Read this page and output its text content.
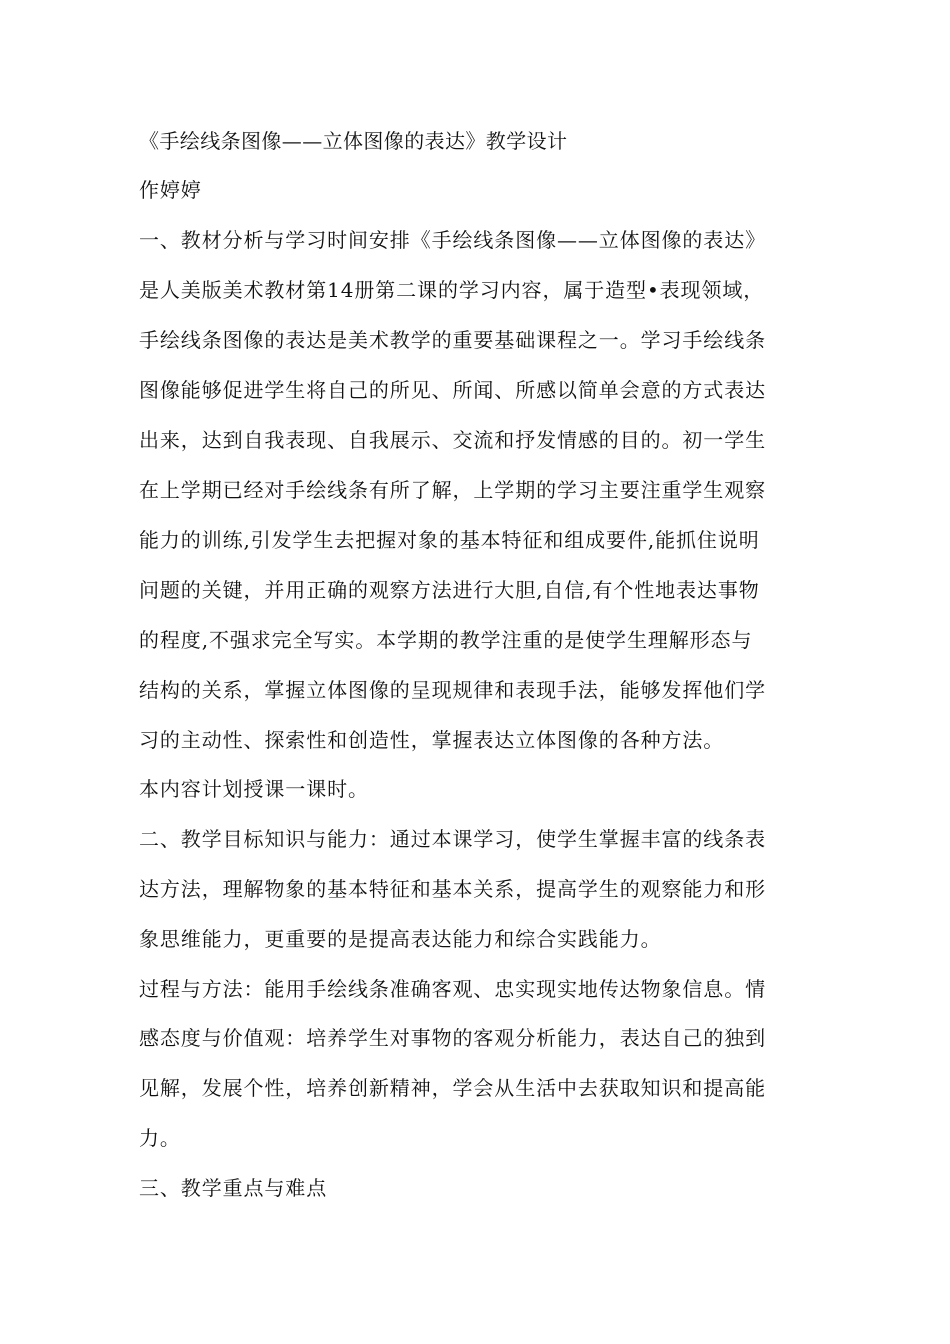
《手绘线条图像——立体图像的表达》教学设计
作婷婷
一、教材分析与学习时间安排《手绘线条图像——立体图像的表达》
是人美版美术教材第14册第二课的学习内容，属于造型•表现领域，
手绘线条图像的表达是美术教学的重要基础课程之一。学习手绘线条
图像能够促进学生将自己的所见、所闻、所感以简单会意的方式表达
出来，达到自我表现、自我展示、交流和抒发情感的目的。初一学生
在上学期已经对手绘线条有所了解，上学期的学习主要注重学生观察
能力的训练,引发学生去把握对象的基本特征和组成要件,能抓住说明
问题的关键，并用正确的观察方法进行大胆,自信,有个性地表达事物
的程度,不强求完全写实。本学期的教学注重的是使学生理解形态与
结构的关系，掌握立体图像的呈现规律和表现手法，能够发挥他们学
习的主动性、探索性和创造性，掌握表达立体图像的各种方法。
本内容计划授课一课时。
二、教学目标知识与能力：通过本课学习，使学生掌握丰富的线条表
达方法，理解物象的基本特征和基本关系，提高学生的观察能力和形
象思维能力，更重要的是提高表达能力和综合实践能力。
过程与方法：能用手绘线条准确客观、忠实现实地传达物象信息。情
感态度与价值观：培养学生对事物的客观分析能力，表达自己的独到
见解，发展个性，培养创新精神，学会从生活中去获取知识和提高能
力。
三、教学重点与难点
